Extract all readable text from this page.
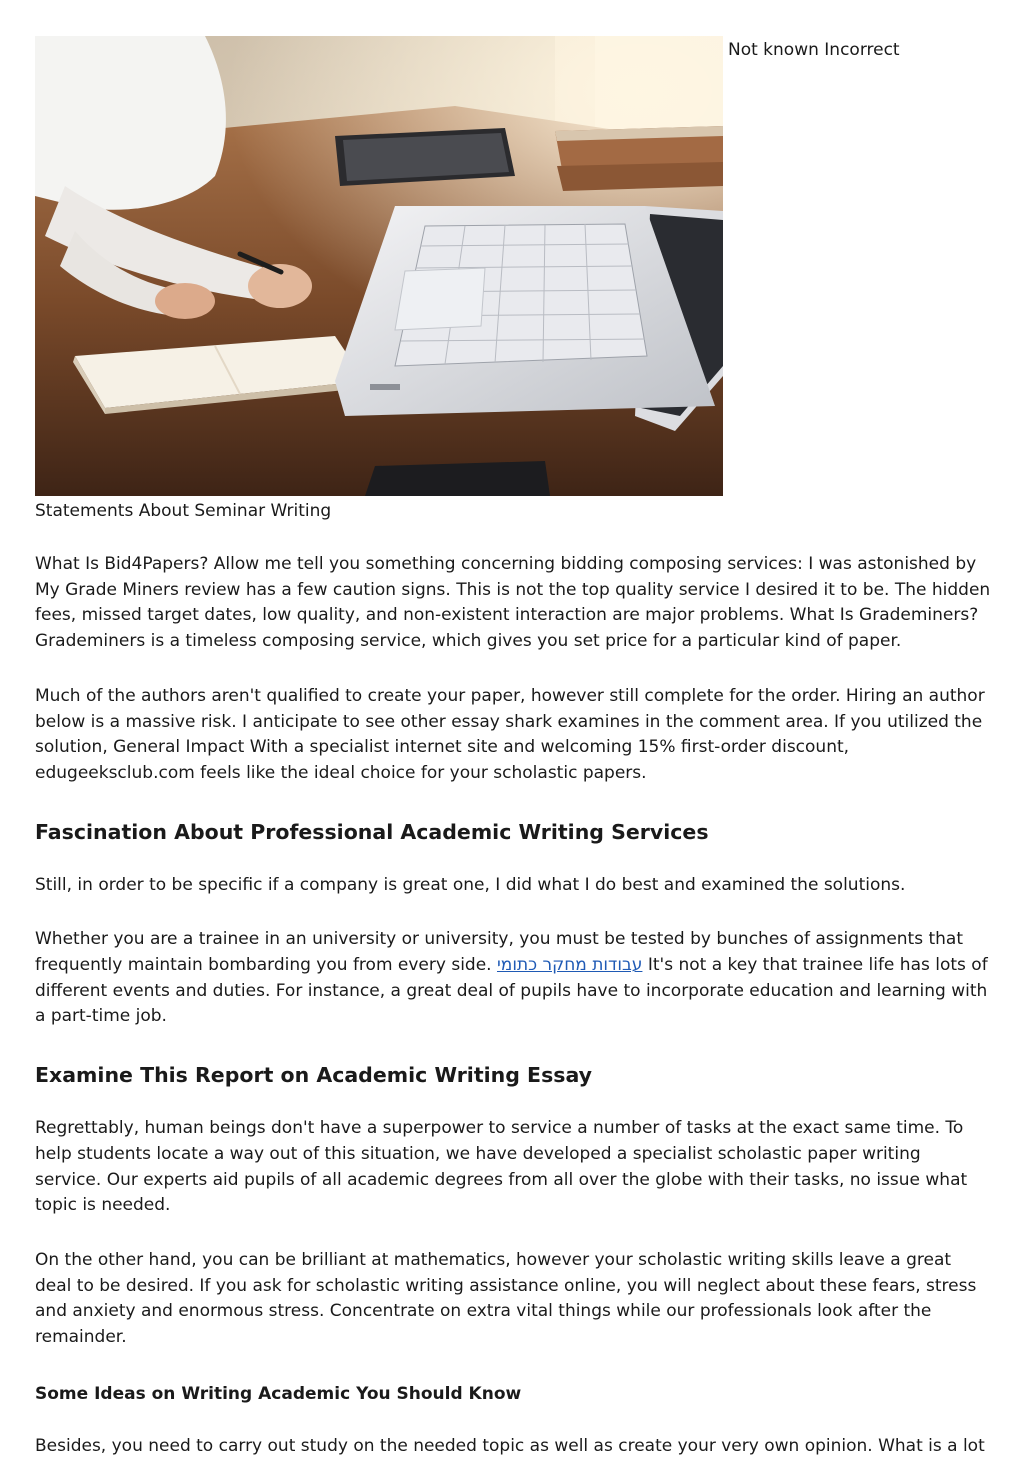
Not known Incorrect

Statements About Seminar Writing

What Is Bid4Papers? Allow me tell you something concerning bidding composing services: I was astonished by My Grade Miners review has a few caution signs. This is not the top quality service I desired it to be. The hidden fees, missed target dates, low quality, and non-existent interaction are major problems. What Is Grademiners? Grademiners is a timeless composing service, which gives you set price for a particular kind of paper.

Much of the authors aren't qualified to create your paper, however still complete for the order. Hiring an author below is a massive risk. I anticipate to see other essay shark examines in the comment area. If you utilized the solution, General Impact With a specialist internet site and welcoming 15% first-order discount, edugeeksclub.com feels like the ideal choice for your scholastic papers.

Fascination About Professional Academic Writing Services

Still, in order to be specific if a company is great one, I did what I do best and examined the solutions.

Whether you are a trainee in an university or university, you must be tested by bunches of assignments that frequently maintain bombarding you from every side. עבודות מחקר כתומי It's not a key that trainee life has lots of different events and duties. For instance, a great deal of pupils have to incorporate education and learning with a part-time job.

Examine This Report on Academic Writing Essay

Regrettably, human beings don't have a superpower to service a number of tasks at the exact same time. To help students locate a way out of this situation, we have developed a specialist scholastic paper writing service. Our experts aid pupils of all academic degrees from all over the globe with their tasks, no issue what topic is needed.

On the other hand, you can be brilliant at mathematics, however your scholastic writing skills leave a great deal to be desired. If you ask for scholastic writing assistance online, you will neglect about these fears, stress and anxiety and enormous stress. Concentrate on extra vital things while our professionals look after the remainder.

Some Ideas on Writing Academic You Should Know

Besides, you need to carry out study on the needed topic as well as create your very own opinion. What is a lot
